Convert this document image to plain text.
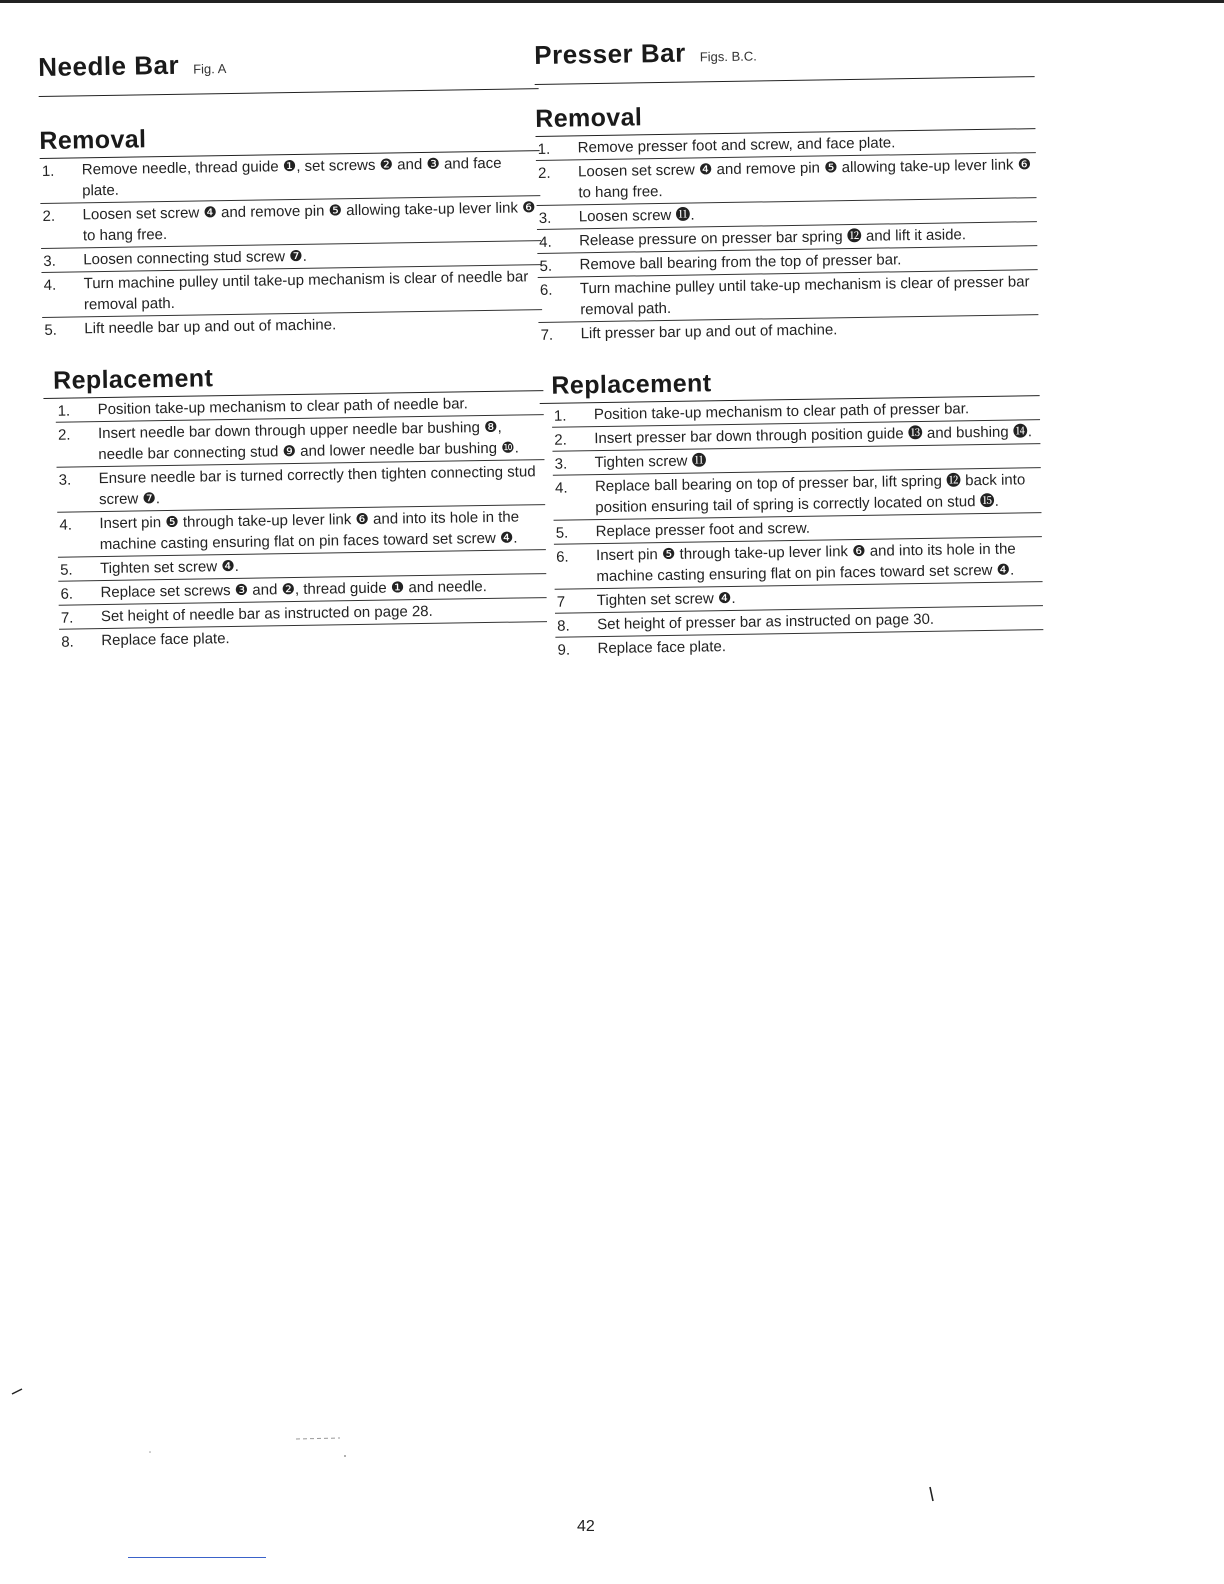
Needle Bar Fig. A
Removal
1. Remove needle, thread guide ❶, set screws ❷ and ❸ and face plate.
2. Loosen set screw ❹ and remove pin ❺ allowing take-up lever link ❻ to hang free.
3. Loosen connecting stud screw ❼.
4. Turn machine pulley until take-up mechanism is clear of needle bar removal path.
5. Lift needle bar up and out of machine.
Replacement
1. Position take-up mechanism to clear path of needle bar.
2. Insert needle bar down through upper needle bar bushing ❽, needle bar connecting stud ❾ and lower needle bar bushing ❿.
3. Ensure needle bar is turned correctly then tighten connecting stud screw ❼.
4. Insert pin ❺ through take-up lever link ❻ and into its hole in the machine casting ensuring flat on pin faces toward set screw ❹.
5. Tighten set screw ❹.
6. Replace set screws ❸ and ❷, thread guide ❶ and needle.
7. Set height of needle bar as instructed on page 28.
8. Replace face plate.
Presser Bar Figs. B.C.
Removal
1. Remove presser foot and screw, and face plate.
2. Loosen set screw ❹ and remove pin ❺ allowing take-up lever link ❻ to hang free.
3. Loosen screw ⓫.
4. Release pressure on presser bar spring ⓬ and lift it aside.
5. Remove ball bearing from the top of presser bar.
6. Turn machine pulley until take-up mechanism is clear of presser bar removal path.
7. Lift presser bar up and out of machine.
Replacement
1. Position take-up mechanism to clear path of presser bar.
2. Insert presser bar down through position guide ⓭ and bushing ⓮.
3. Tighten screw ⓫
4. Replace ball bearing on top of presser bar, lift spring ⓬ back into position ensuring tail of spring is correctly located on stud ⓯.
5. Replace presser foot and screw.
6. Insert pin ❺ through take-up lever link ❻ and into its hole in the machine casting ensuring flat on pin faces toward set screw ❹.
7 Tighten set screw ❹.
8. Set height of presser bar as instructed on page 30.
9. Replace face plate.
42
